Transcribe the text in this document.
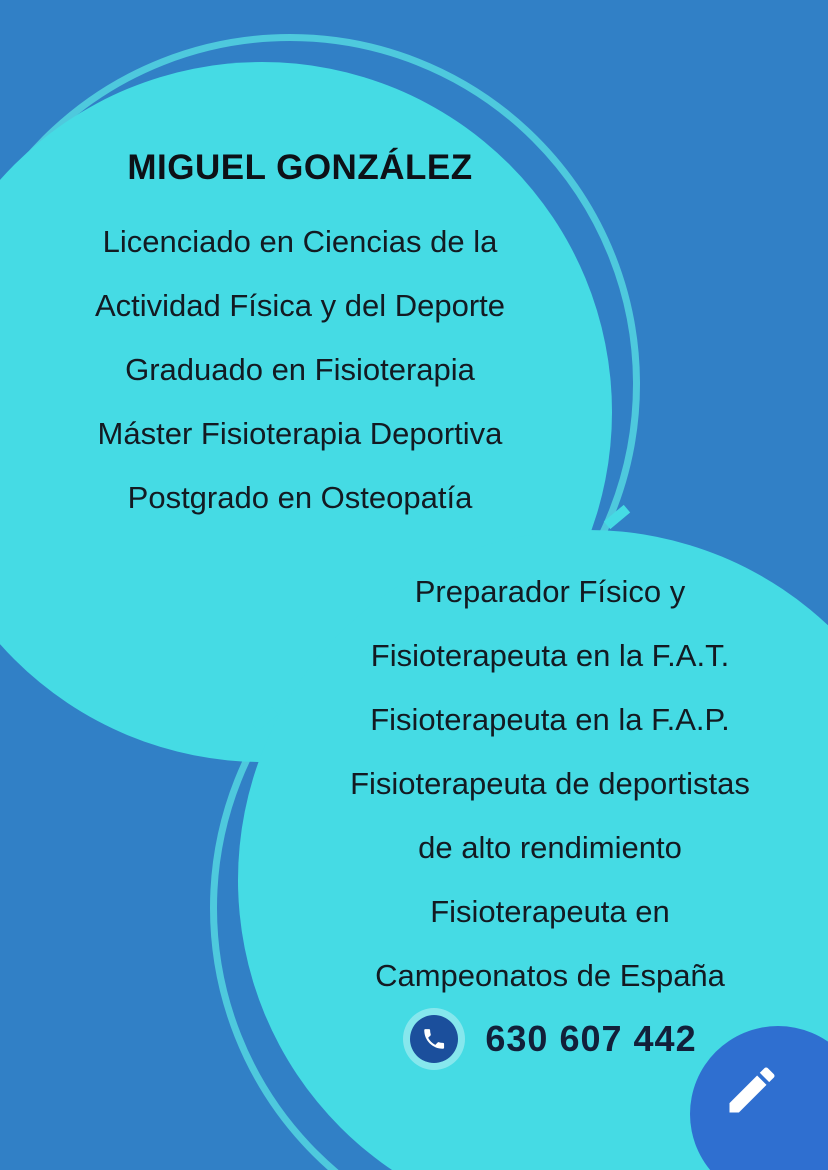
MIGUEL GONZÁLEZ
Licenciado en Ciencias de la
Actividad Física y del Deporte
Graduado en Fisioterapia
Máster Fisioterapia Deportiva
Postgrado en Osteopatía
Preparador Físico y
Fisioterapeuta en la F.A.T.
Fisioterapeuta en la F.A.P.
Fisioterapeuta de deportistas
de alto rendimiento
Fisioterapeuta en
Campeonatos de España
630 607 442
